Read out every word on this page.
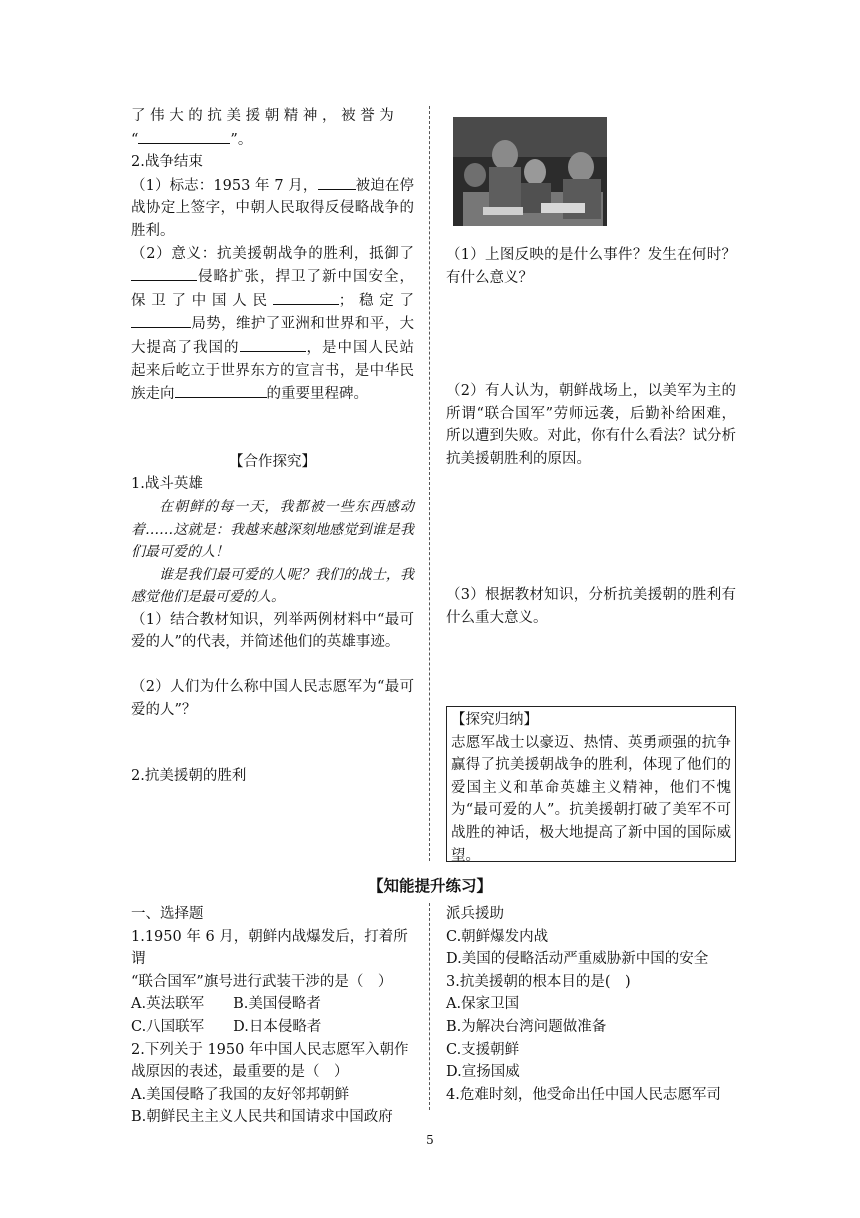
了伟大的抗美援朝精神，被誉为

“	”。

2.战争结束

（1）标志：1953 年 7 月，	被迫在停战协定上签字，中朝人民取得反侵略战争的胜利。

（2）意义：抗美援朝战争的胜利，抵御了侵略扩张，捍卫了新中国安全，保卫了中国人民	；稳定了局势，维护了亚洲和世界和平，大大提高了我国的	，是中国人民站起来后屹立于世界东方的宣言书，是中华民族走向	的重要里程碑。

【合作探究】

1.战斗英雄

在朝鲜的每一天，我都被一些东西感动着……这就是：我越来越深刻地感觉到谁是我们最可爱的人！

谁是我们最可爱的人呢？我们的战士，我感觉他们是最可爱的人。

（1）结合教材知识，列举两例材料中“最可爱的人”的代表，并简述他们的英雄事迹。

（2）人们为什么称中国人民志愿军为“最可爱的人”？

2.抗美援朝的胜利

（1）上图反映的是什么事件？发生在何时？有什么意义？

（2）有人认为，朝鲜战场上，以美军为主的所谓“联合国军”劳师远袭，后勤补给困难，所以遭到失败。对此，你有什么看法？试分析抗美援朝胜利的原因。

（3）根据教材知识，分析抗美援朝的胜利有什么重大意义。

【探究归纳】

志愿军战士以豪迈、热情、英勇顽强的抗争赢得了抗美援朝战争的胜利，体现了他们的爱国主义和革命英雄主义精神，他们不愧为“最可爱的人”。抗美援朝打破了美军不可战胜的神话，极大地提高了新中国的国际威望。

【知能提升练习】

一、选择题

1.1950 年 6 月，朝鲜内战爆发后，打着所谓

“联合国军”旗号进行武装干涉的是（　）

A.英法联军　　B.美国侵略者

C.八国联军　　D.日本侵略者

2.下列关于 1950 年中国人民志愿军入朝作

战原因的表述，最重要的是（　）

A.美国侵略了我国的友好邻邦朝鲜

B.朝鲜民主主义人民共和国请求中国政府

派兵援助

C.朝鲜爆发内战

D.美国的侵略活动严重威胁新中国的安全

3.抗美援朝的根本目的是(　)

A.保家卫国

B.为解决台湾问题做准备

C.支援朝鲜

D.宣扬国威

4.危难时刻，他受命出任中国人民志愿军司

5
